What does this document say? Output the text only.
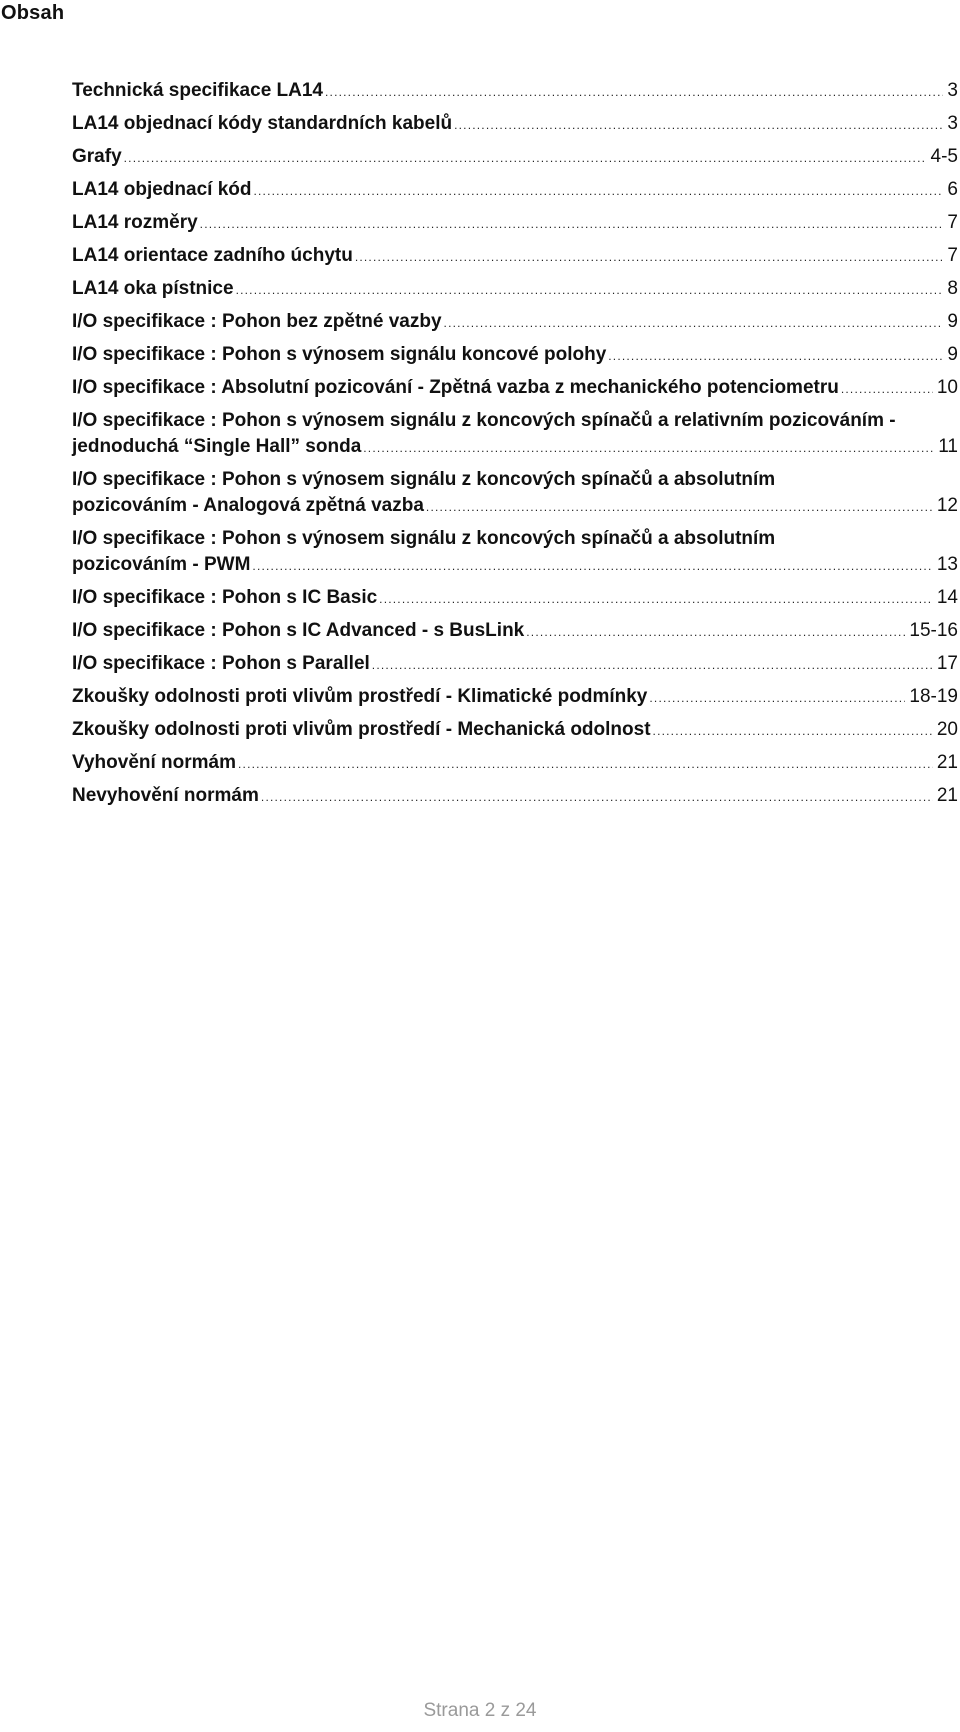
Obsah
Technická specifikace LA14 .....	3
LA14 objednací kódy standardních kabelů .....	3
Grafy .....	4-5
LA14 objednací kód .....	6
LA14 rozměry .....	7
LA14 orientace zadního úchytu .....	7
LA14 oka pístnice .....	8
I/O specifikace : Pohon bez zpětné vazby .....	9
I/O specifikace : Pohon s výnosem signálu koncové polohy .....	9
I/O specifikace : Absolutní pozicování - Zpětná vazba z mechanického potenciometru .....	10
I/O specifikace : Pohon s výnosem signálu z koncových spínačů a relativním pozicováním -
jednoduchá “Single Hall” sonda .....	11
I/O specifikace : Pohon s výnosem signálu z koncových spínačů a absolutním
pozicováním - Analogová zpětná vazba .....	12
I/O specifikace : Pohon s výnosem signálu z koncových spínačů a absolutním
pozicováním - PWM .....	13
I/O specifikace : Pohon s IC Basic .....	14
I/O specifikace : Pohon s IC Advanced - s BusLink .....	15-16
I/O specifikace : Pohon s Parallel .....	17
Zkoušky odolnosti proti vlivům prostředí - Klimatické podmínky .....	18-19
Zkoušky odolnosti proti vlivům prostředí - Mechanická odolnost .....	20
Vyhovění normám .....	21
Nevyhovění normám .....	21
Strana 2 z 24
